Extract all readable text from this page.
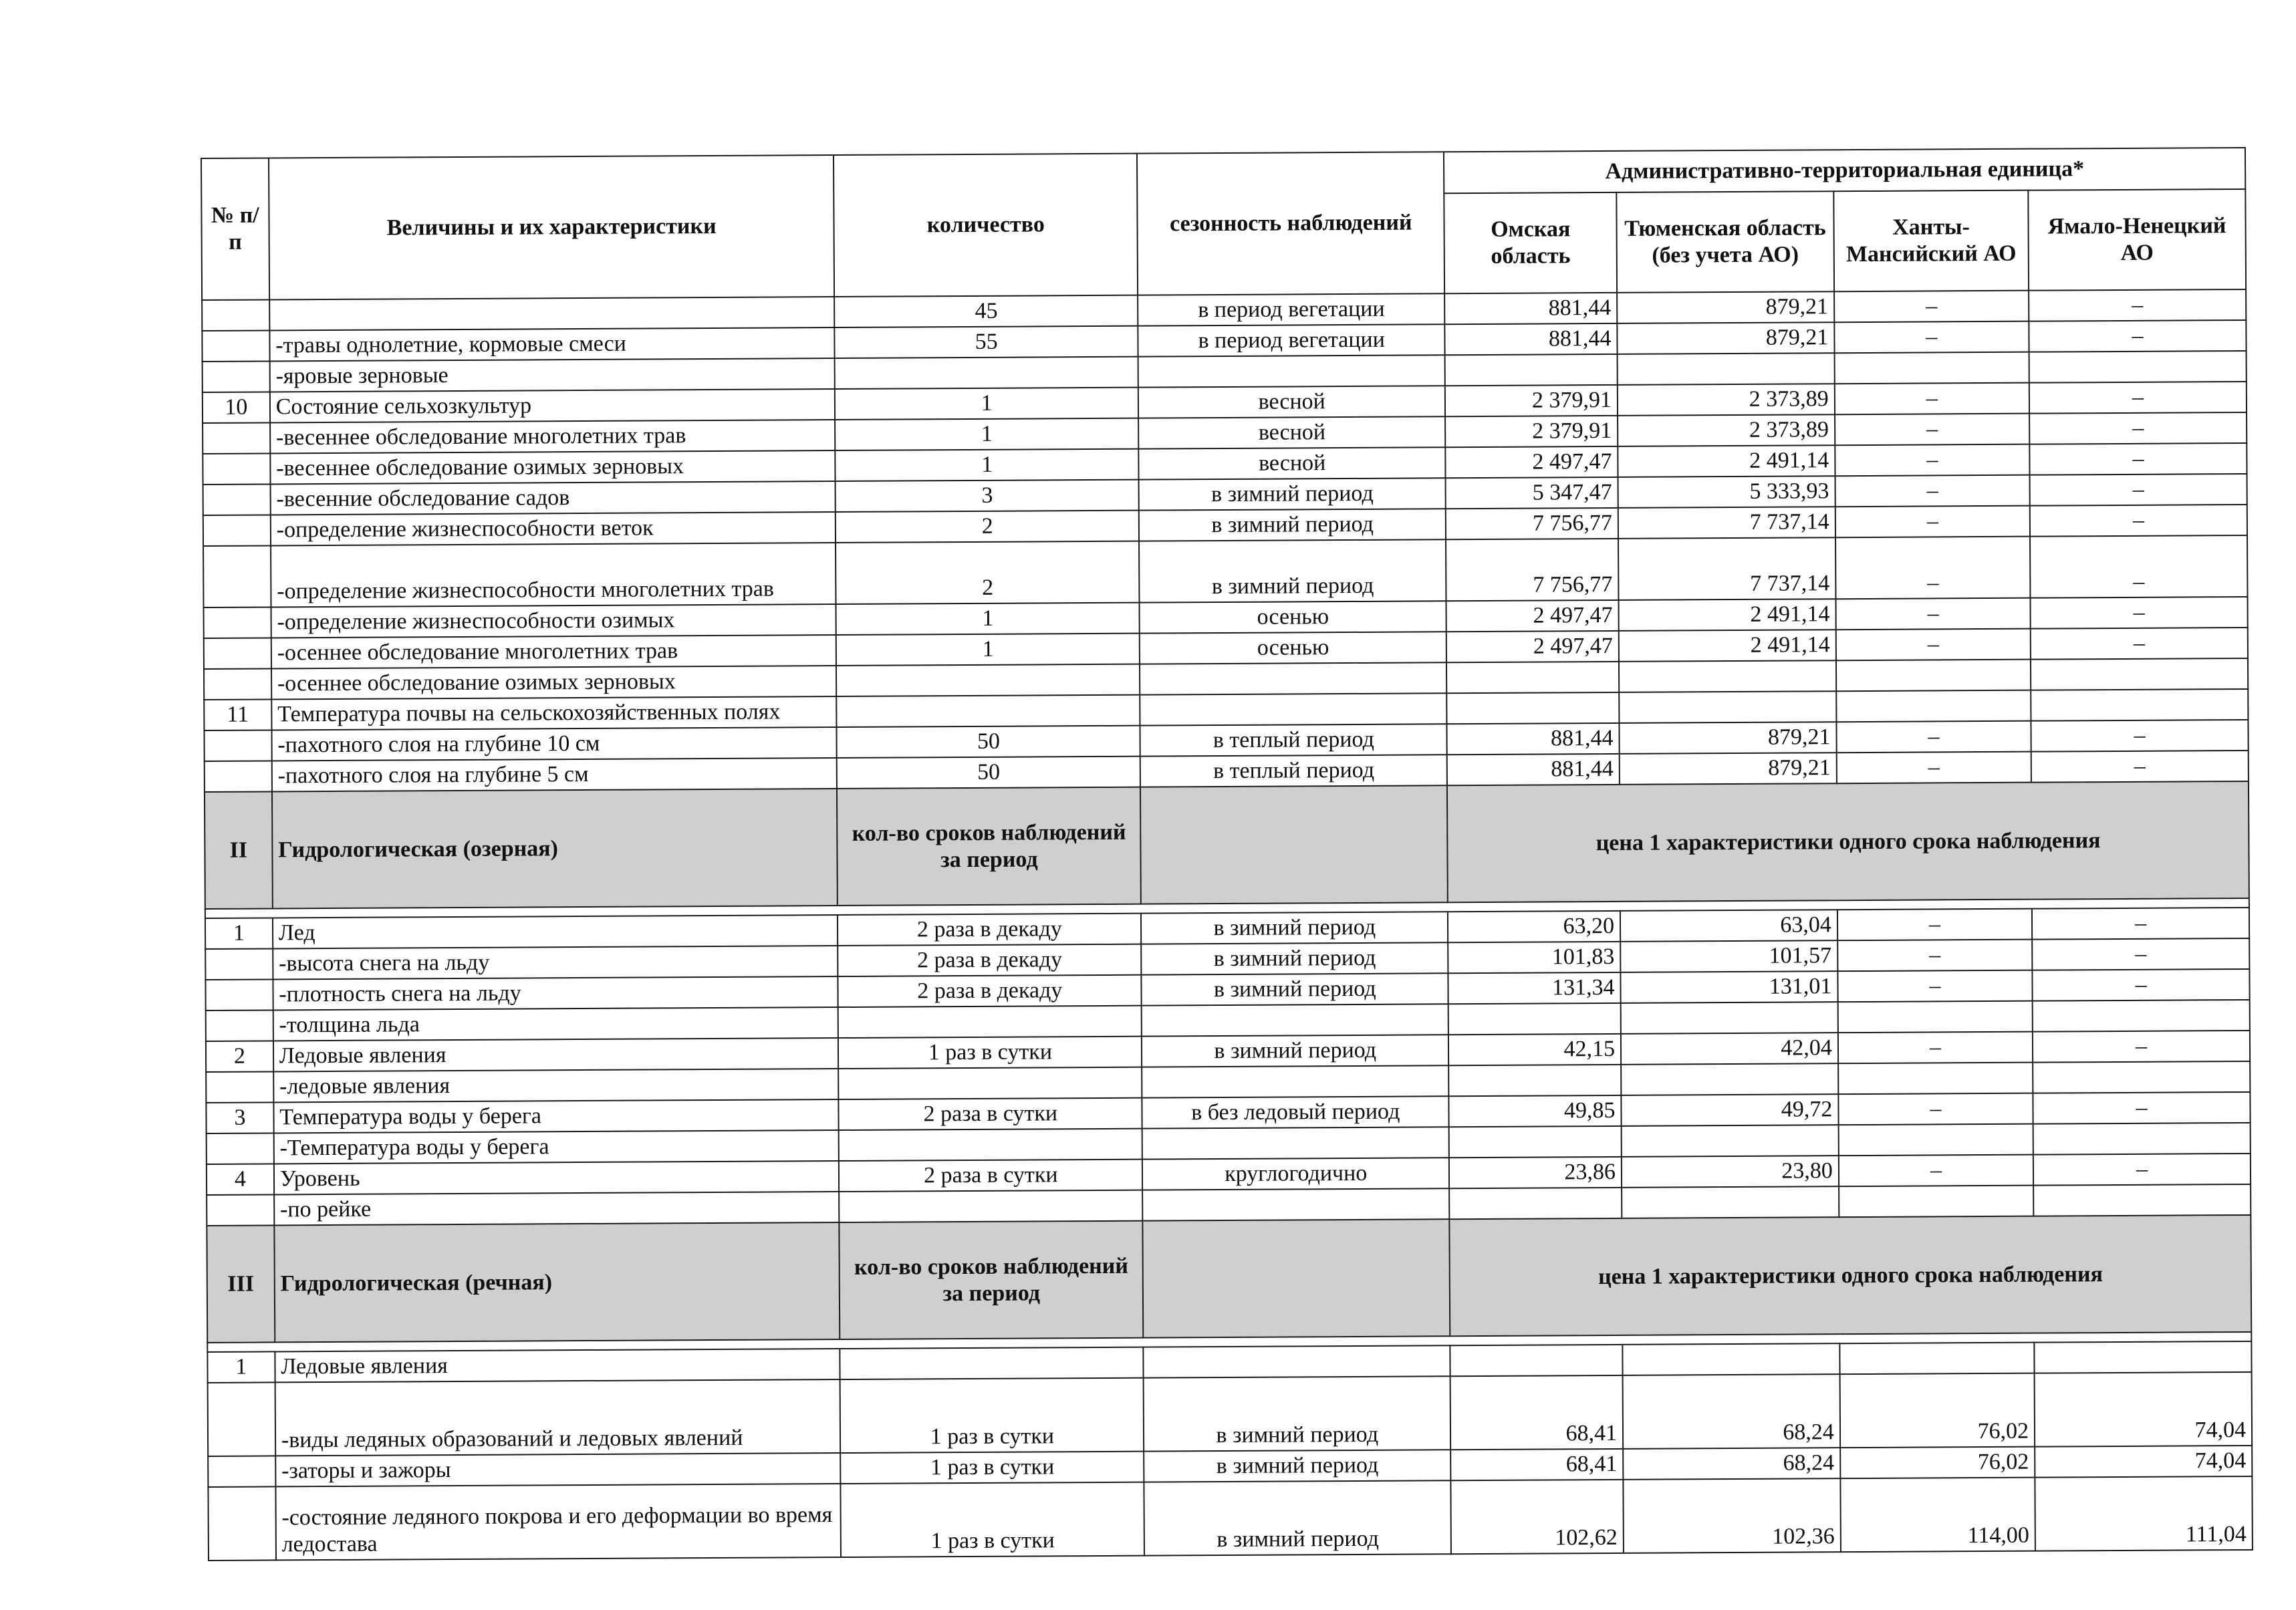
№ п/п	Величины и их характеристики	количество	сезонность наблюдений	Административно-территориальная единица*			
				Омская область	Тюменская область (без учета АО)	Ханты-Мансийский АО	Ямало-Ненецкий АО
		45	в период вегетации	881,44	879,21	–	–
	-травы однолетние, кормовые смеси	55	в период вегетации	881,44	879,21	–	–
	-яровые зерновые						
10	Состояние сельхозкультур	1	весной	2 379,91	2 373,89	–	–
	-весеннее обследование многолетних трав	1	весной	2 379,91	2 373,89	–	–
	-весеннее обследование озимых зерновых	1	весной	2 497,47	2 491,14	–	–
	-весенние обследование садов	3	в зимний период	5 347,47	5 333,93	–	–
	-определение жизнеспособности веток	2	в зимний период	7 756,77	7 737,14	–	–
	-определение жизнеспособности многолетних трав	2	в зимний период	7 756,77	7 737,14	–	–
	-определение жизнеспособности озимых	1	осенью	2 497,47	2 491,14	–	–
	-осеннее обследование многолетних трав	1	осенью	2 497,47	2 491,14	–	–
	-осеннее обследование озимых зерновых						
11	Температура почвы на сельскохозяйственных полях						
	-пахотного слоя на глубине 10 см	50	в теплый период	881,44	879,21	–	–
	-пахотного слоя на глубине 5 см	50	в теплый период	881,44	879,21	–	–
II	Гидрологическая (озерная)	кол-во сроков наблюдений за период		цена 1 характеристики одного срока наблюдения			

1	Лед	2 раза в декаду	в зимний период	63,20	63,04	–	–
	-высота снега на льду	2 раза в декаду	в зимний период	101,83	101,57	–	–
	-плотность снега на льду	2 раза в декаду	в зимний период	131,34	131,01	–	–
	-толщина льда						
2	Ледовые явления	1 раз в сутки	в зимний период	42,15	42,04	–	–
	-ледовые явления						
3	Температура воды у берега	2 раза в сутки	в без ледовый период	49,85	49,72	–	–
	-Температура воды у берега						
4	Уровень	2 раза в сутки	круглогодично	23,86	23,80	–	–
	-по рейке						
III	Гидрологическая (речная)	кол-во сроков наблюдений за период		цена 1 характеристики одного срока наблюдения			

1	Ледовые явления						
	-виды ледяных образований и ледовых явлений	1 раз в сутки	в зимний период	68,41	68,24	76,02	74,04
	-заторы и зажоры	1 раз в сутки	в зимний период	68,41	68,24	76,02	74,04
	-состояние ледяного покрова и его деформации во время ледостава	1 раз в сутки	в зимний период	102,62	102,36	114,00	111,04
